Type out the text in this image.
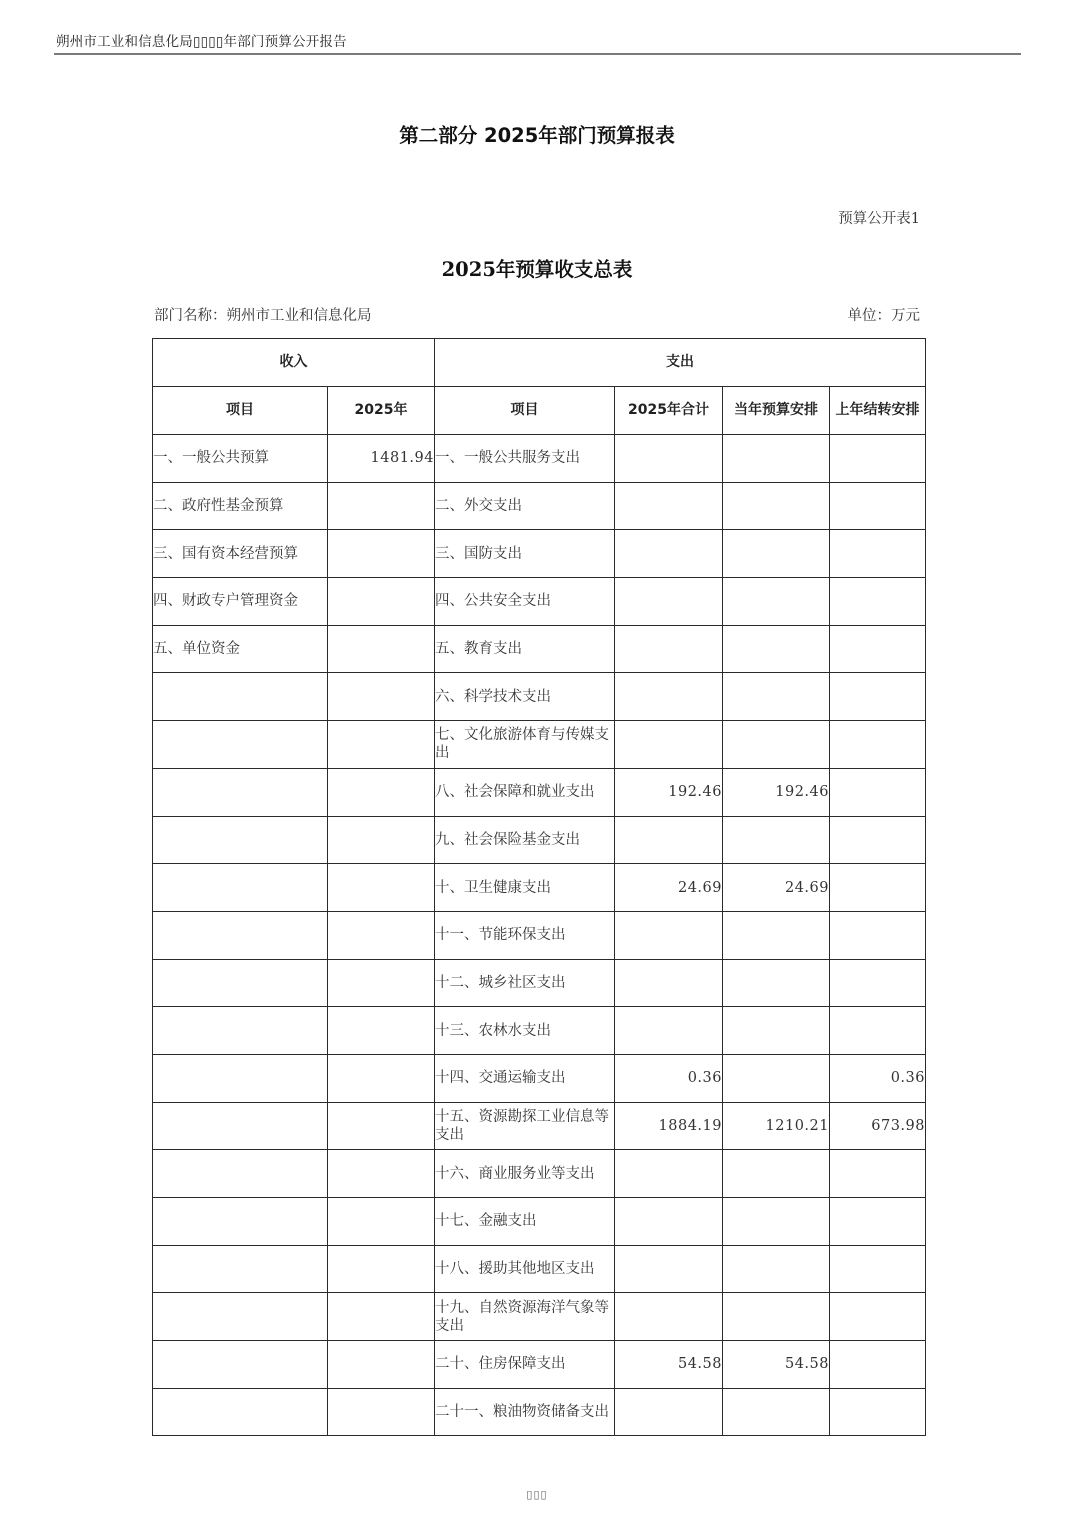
朔州市工业和信息化局▯▯▯▯年部门预算公开报告
第二部分 2025年部门预算报表
预算公开表1
2025年预算收支总表
部门名称：朔州市工业和信息化局	单位：万元
收入		支出			
项目	2025年	项目	2025年合计	当年预算安排	上年结转安排
一、一般公共预算	1481.94	一、一般公共服务支出			
二、政府性基金预算		二、外交支出			
三、国有资本经营预算		三、国防支出			
四、财政专户管理资金		四、公共安全支出			
五、单位资金		五、教育支出			
		六、科学技术支出			
		七、文化旅游体育与传媒支出			
		八、社会保障和就业支出	192.46	192.46	
		九、社会保险基金支出			
		十、卫生健康支出	24.69	24.69	
		十一、节能环保支出			
		十二、城乡社区支出			
		十三、农林水支出			
		十四、交通运输支出	0.36		0.36
		十五、资源勘探工业信息等支出	1884.19	1210.21	673.98
		十六、商业服务业等支出			
		十七、金融支出			
		十八、援助其他地区支出			
		十九、自然资源海洋气象等支出			
		二十、住房保障支出	54.58	54.58	
		二十一、粮油物资储备支出			
▯▯▯
